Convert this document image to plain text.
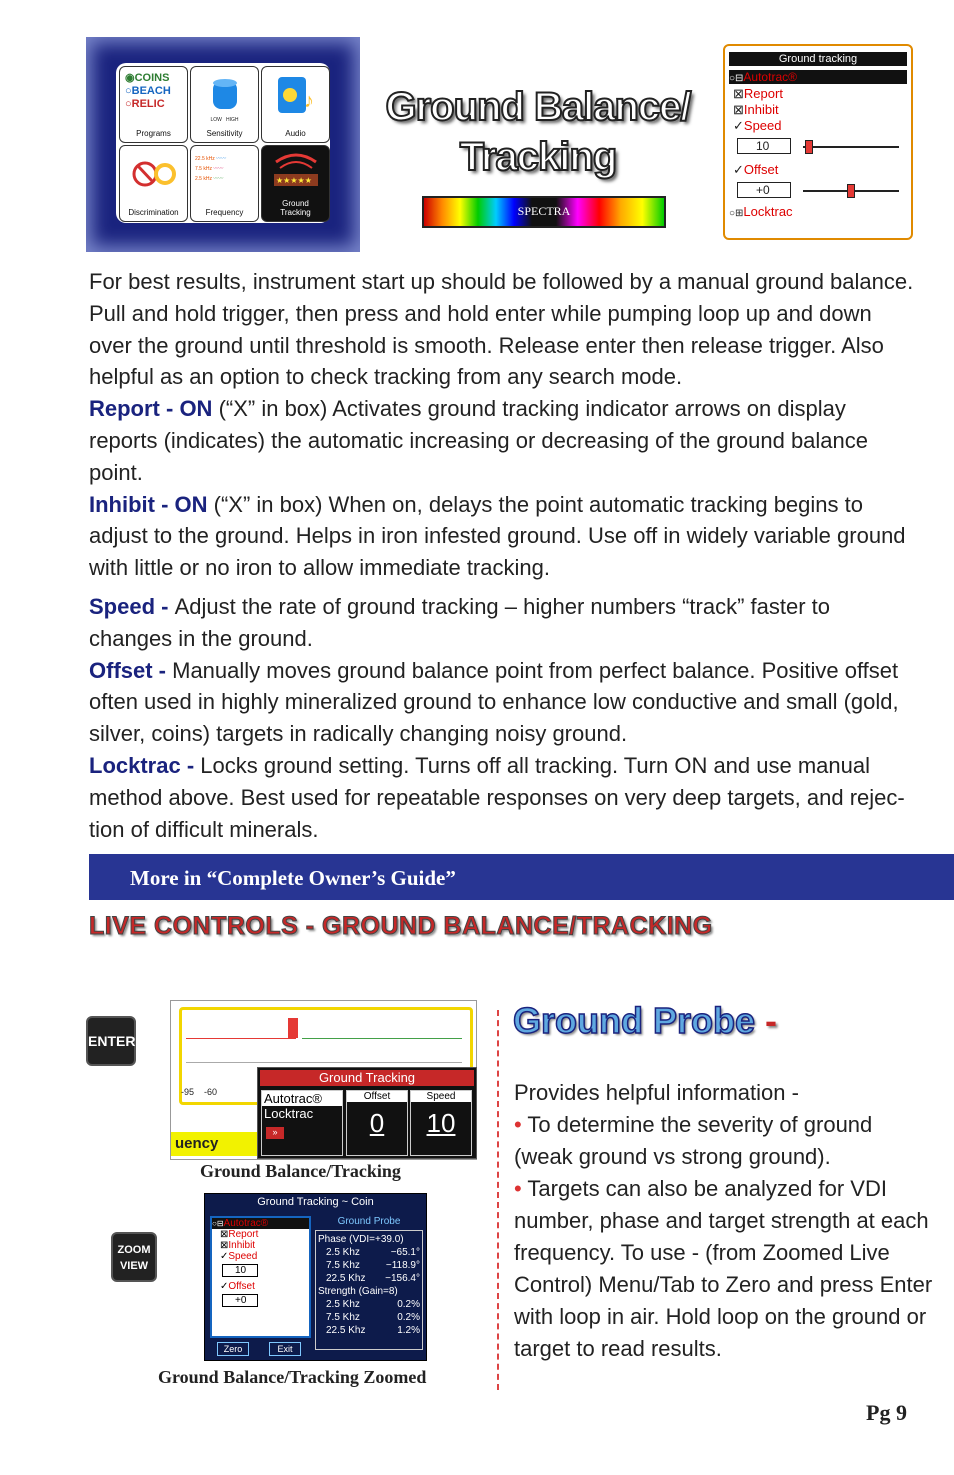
◉COINS
○BEACH
○RELIC
Programs
LOW HIGH
Sensitivity
♪
Audio
Discrimination
22.5 kHz 〰〰
7.5 kHz 〰〰
2.5 kHz 〰〰
Frequency
★★★★★
Ground
Tracking
Ground Balance/
Tracking
SPECTRA
Ground tracking
○⊟Autotrac®
⊠Report
⊠Inhibit
✓Speed
10
✓Offset
+0
○⊞Locktrac

For best results, instrument start up should be followed by a manual ground balance. Pull and hold trigger, then press and hold enter while pumping loop up and down over the ground until threshold is smooth. Release enter then release trigger. Also helpful as an option to check tracking from any search mode.

Report - ON (“X” in box) Activates ground tracking indicator arrows on display reports (indicates) the automatic increasing or decreasing of the ground balance point.

Inhibit - ON (“X” in box) When on, delays the point automatic tracking begins to adjust to the ground. Helps in iron infested ground. Use off in widely variable ground with little or no iron to allow immediate tracking.

Speed - Adjust the rate of ground tracking – higher numbers “track” faster to changes in the ground.

Offset - Manually moves ground balance point from perfect balance. Positive offset often used in highly mineralized ground to enhance low conductive and small (gold, silver, coins) targets in radically changing noisy ground.

Locktrac - Locks ground setting. Turns off all tracking. Turn ON and use manual method above. Best used for repeatable responses on very deep targets, and rejec-tion of difficult minerals.

More in “Complete Owner’s Guide”
LIVE CONTROLS - GROUND BALANCE/TRACKING
ENTER
-95 -60
uency
Ground Tracking
Autotrac®
Locktrac
»
Offset
0
Speed
10
Ground Balance/Tracking
ZOOM
VIEW
Ground Tracking ~ Coin
○⊟Autotrac®
⊠Report
⊠Inhibit
✓Speed
10
✓Offset
+0
Ground Probe
Phase (VDI=+39.0)
2.5 Khz	−65.1°
7.5 Khz	−118.9°
22.5 Khz −156.4°
Strength (Gain=8)
2.5 Khz	0.2%
7.5 Khz	0.2%
22.5 Khz	1.2%
Zero	Exit
Ground Balance/Tracking Zoomed
Ground Probe -

Provides helpful information -

• To determine the severity of ground (weak ground vs strong ground).

• Targets can also be analyzed for VDI number, phase and target strength at each frequency. To use - (from Zoomed Live Control) Menu/Tab to Zero and press Enter with loop in air. Hold loop on the ground or target to read results.

Pg 9
